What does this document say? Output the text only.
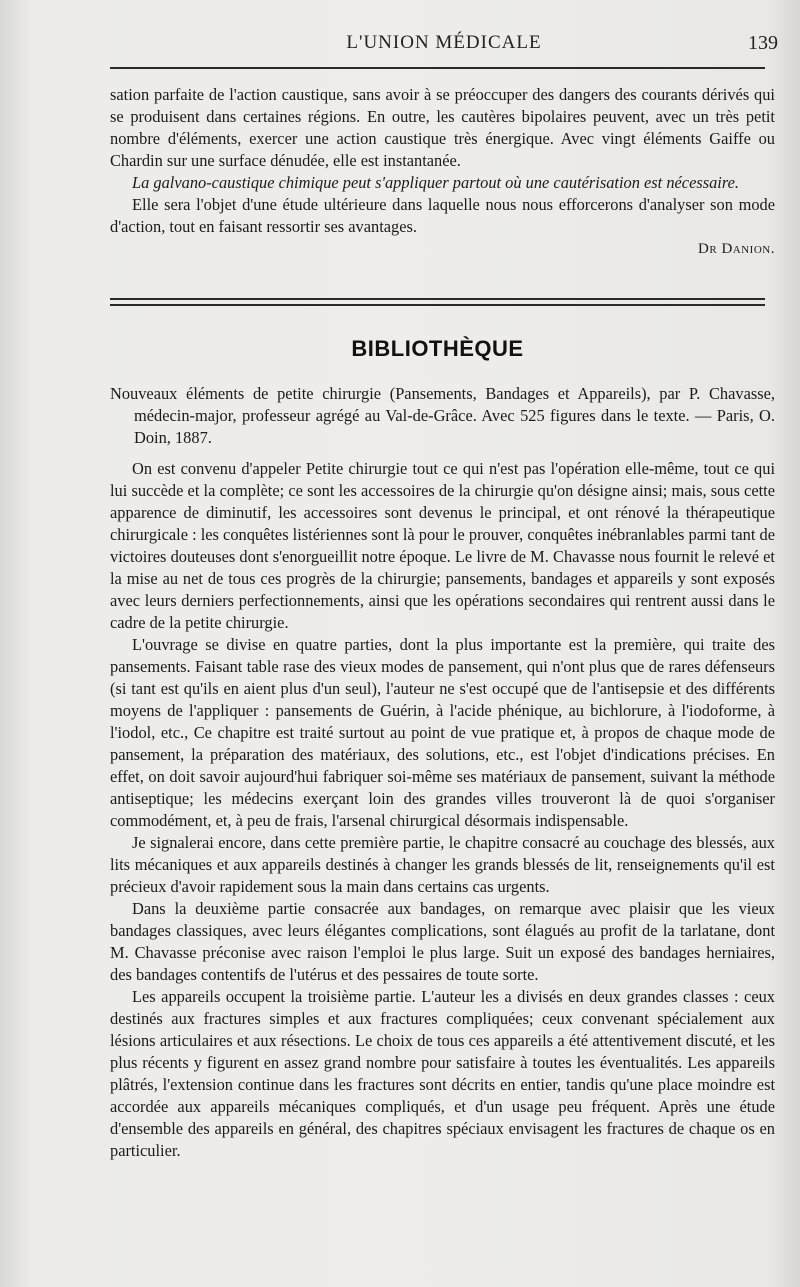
L'UNION MÉDICALE	139

sation parfaite de l'action caustique, sans avoir à se préoccuper des dangers des courants dérivés qui se produisent dans certaines régions. En outre, les cautères bipolaires peuvent, avec un très petit nombre d'éléments, exercer une action caustique très énergique. Avec vingt éléments Gaiffe ou Chardin sur une surface dénudée, elle est instantanée.

La galvano-caustique chimique peut s'appliquer partout où une cautérisation est nécessaire.

Elle sera l'objet d'une étude ultérieure dans laquelle nous nous efforcerons d'analyser son mode d'action, tout en faisant ressortir ses avantages.

Dr Danion.

BIBLIOTHÈQUE

Nouveaux éléments de petite chirurgie (Pansements, Bandages et Appareils), par P. Chavasse, médecin-major, professeur agrégé au Val-de-Grâce. Avec 525 figures dans le texte. — Paris, O. Doin, 1887.

On est convenu d'appeler Petite chirurgie tout ce qui n'est pas l'opération elle-même, tout ce qui lui succède et la complète; ce sont les accessoires de la chirurgie qu'on désigne ainsi; mais, sous cette apparence de diminutif, les accessoires sont devenus le principal, et ont rénové la thérapeutique chirurgicale : les conquêtes listériennes sont là pour le prouver, conquêtes inébranlables parmi tant de victoires douteuses dont s'enorgueillit notre époque. Le livre de M. Chavasse nous fournit le relevé et la mise au net de tous ces progrès de la chirurgie; pansements, bandages et appareils y sont exposés avec leurs derniers perfectionnements, ainsi que les opérations secondaires qui rentrent aussi dans le cadre de la petite chirurgie.

L'ouvrage se divise en quatre parties, dont la plus importante est la première, qui traite des pansements. Faisant table rase des vieux modes de pansement, qui n'ont plus que de rares défenseurs (si tant est qu'ils en aient plus d'un seul), l'auteur ne s'est occupé que de l'antisepsie et des différents moyens de l'appliquer : pansements de Guérin, à l'acide phénique, au bichlorure, à l'iodoforme, à l'iodol, etc., Ce chapitre est traité surtout au point de vue pratique et, à propos de chaque mode de pansement, la préparation des matériaux, des solutions, etc., est l'objet d'indications précises. En effet, on doit savoir aujourd'hui fabriquer soi-même ses matériaux de pansement, suivant la méthode antiseptique; les médecins exerçant loin des grandes villes trouveront là de quoi s'organiser commodément, et, à peu de frais, l'arsenal chirurgical désormais indispensable.

Je signalerai encore, dans cette première partie, le chapitre consacré au couchage des blessés, aux lits mécaniques et aux appareils destinés à changer les grands blessés de lit, renseignements qu'il est précieux d'avoir rapidement sous la main dans certains cas urgents.

Dans la deuxième partie consacrée aux bandages, on remarque avec plaisir que les vieux bandages classiques, avec leurs élégantes complications, sont élagués au profit de la tarlatane, dont M. Chavasse préconise avec raison l'emploi le plus large. Suit un exposé des bandages herniaires, des bandages contentifs de l'utérus et des pessaires de toute sorte.

Les appareils occupent la troisième partie. L'auteur les a divisés en deux grandes classes : ceux destinés aux fractures simples et aux fractures compliquées; ceux convenant spécialement aux lésions articulaires et aux résections. Le choix de tous ces appareils a été attentivement discuté, et les plus récents y figurent en assez grand nombre pour satisfaire à toutes les éventualités. Les appareils plâtrés, l'extension continue dans les fractures sont décrits en entier, tandis qu'une place moindre est accordée aux appareils mécaniques compliqués, et d'un usage peu fréquent. Après une étude d'ensemble des appareils en général, des chapitres spéciaux envisagent les fractures de chaque os en particulier.
